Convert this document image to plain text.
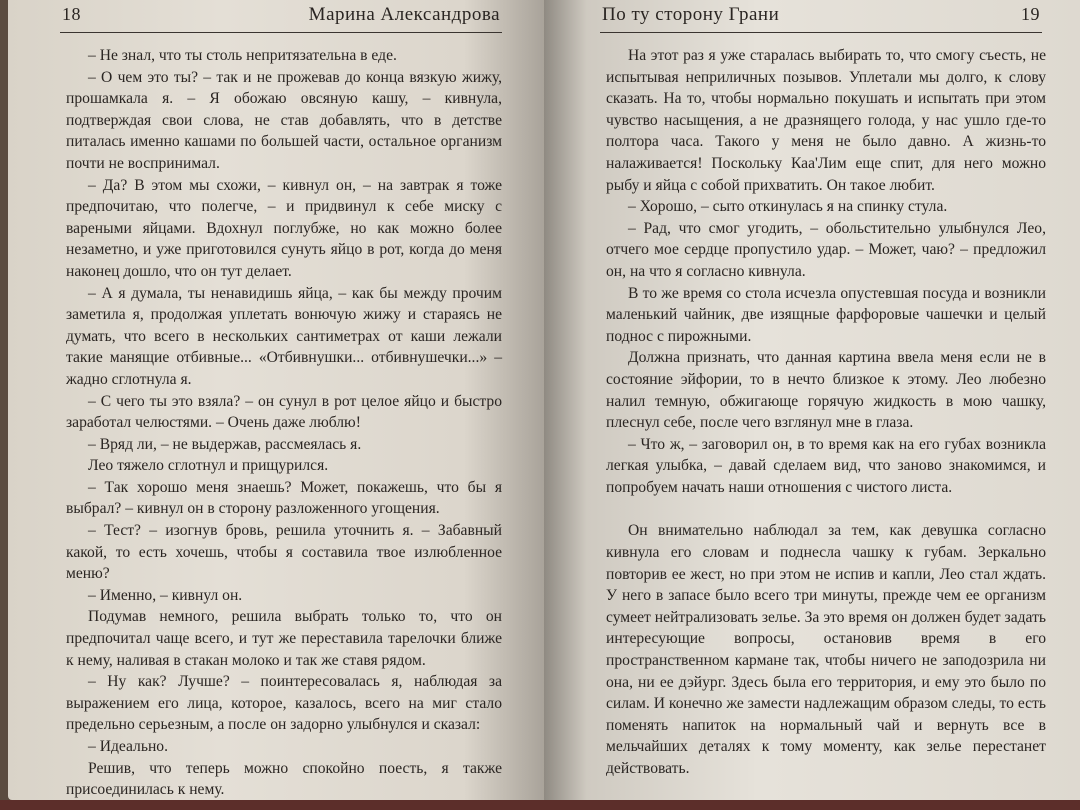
18	Марина Александрова

– Не знал, что ты столь непритязательна в еде.

– О чем это ты? – так и не прожевав до конца вязкую жижу, прошамкала я. – Я обожаю овсяную кашу, – кивнула, подтверждая свои слова, не став добавлять, что в детстве питалась именно кашами по большей части, остальное организм почти не воспринимал.

– Да? В этом мы схожи, – кивнул он, – на завтрак я тоже предпочитаю, что полегче, – и придвинул к себе миску с вареными яйцами. Вдохнул поглубже, но как можно более незаметно, и уже приготовился сунуть яйцо в рот, когда до меня наконец дошло, что он тут делает.

– А я думала, ты ненавидишь яйца, – как бы между прочим заметила я, продолжая уплетать вонючую жижу и стараясь не думать, что всего в нескольких сантиметрах от каши лежали такие манящие отбивные... «Отбивнушки... отбивнушечки...» – жадно сглотнула я.

– С чего ты это взяла? – он сунул в рот целое яйцо и быстро заработал челюстями. – Очень даже люблю!

– Вряд ли, – не выдержав, рассмеялась я.

Лео тяжело сглотнул и прищурился.

– Так хорошо меня знаешь? Может, покажешь, что бы я выбрал? – кивнул он в сторону разложенного угощения.

– Тест? – изогнув бровь, решила уточнить я. – Забавный какой, то есть хочешь, чтобы я составила твое излюбленное меню?

– Именно, – кивнул он.

Подумав немного, решила выбрать только то, что он предпочитал чаще всего, и тут же переставила тарелочки ближе к нему, наливая в стакан молоко и так же ставя рядом.

– Ну как? Лучше? – поинтересовалась я, наблюдая за выражением его лица, которое, казалось, всего на миг стало предельно серьезным, а после он задорно улыбнулся и сказал:

– Идеально.

Решив, что теперь можно спокойно поесть, я также присоединилась к нему.

По ту сторону Грани	19

На этот раз я уже старалась выбирать то, что смогу съесть, не испытывая неприличных позывов. Уплетали мы долго, к слову сказать. На то, чтобы нормально покушать и испытать при этом чувство насыщения, а не дразнящего голода, у нас ушло где-то полтора часа. Такого у меня не было давно. А жизнь-то налаживается! Поскольку Каа'Лим еще спит, для него можно рыбу и яйца с собой прихватить. Он такое любит.

– Хорошо, – сыто откинулась я на спинку стула.

– Рад, что смог угодить, – обольстительно улыбнулся Лео, отчего мое сердце пропустило удар. – Может, чаю? – предложил он, на что я согласно кивнула.

В то же время со стола исчезла опустевшая посуда и возникли маленький чайник, две изящные фарфоровые чашечки и целый поднос с пирожными.

Должна признать, что данная картина ввела меня если не в состояние эйфории, то в нечто близкое к этому. Лео любезно налил темную, обжигающе горячую жидкость в мою чашку, плеснул себе, после чего взглянул мне в глаза.

– Что ж, – заговорил он, в то время как на его губах возникла легкая улыбка, – давай сделаем вид, что заново знакомимся, и попробуем начать наши отношения с чистого листа.

Он внимательно наблюдал за тем, как девушка согласно кивнула его словам и поднесла чашку к губам. Зеркально повторив ее жест, но при этом не испив и капли, Лео стал ждать. У него в запасе было всего три минуты, прежде чем ее организм сумеет нейтрализовать зелье. За это время он должен будет задать интересующие вопросы, остановив время в его пространственном кармане так, чтобы ничего не заподозрила ни она, ни ее дэйург. Здесь была его территория, и ему это было по силам. И конечно же замести надлежащим образом следы, то есть поменять напиток на нормальный чай и вернуть все в мельчайших деталях к тому моменту, как зелье перестанет действовать.
